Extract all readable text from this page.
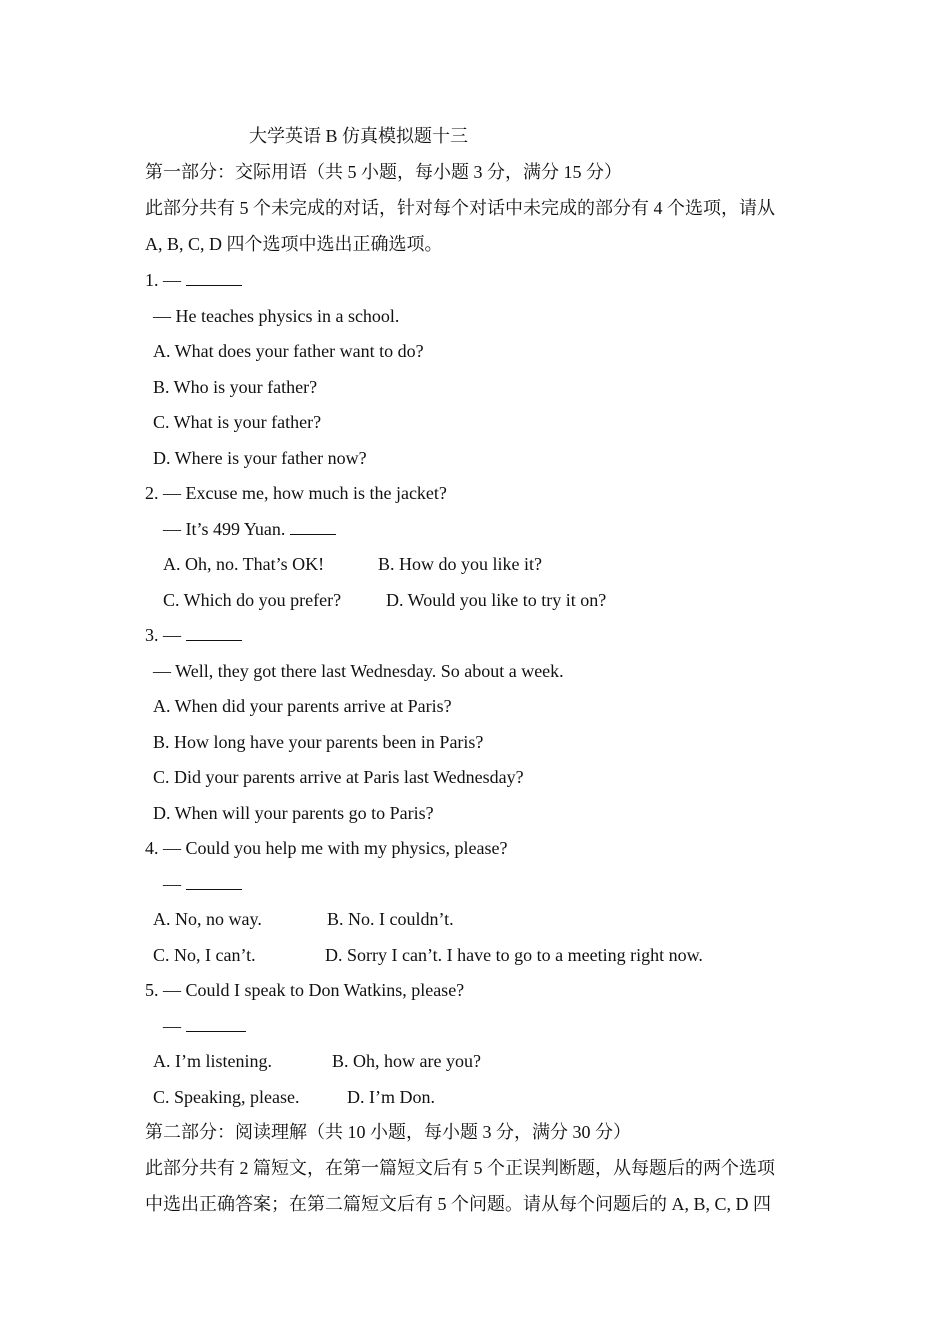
大学英语 B 仿真模拟题十三
第一部分：交际用语（共 5 小题，每小题 3 分，满分 15 分）
此部分共有 5 个未完成的对话，针对每个对话中未完成的部分有 4 个选项，请从
A, B, C, D 四个选项中选出正确选项。
1. —
— He teaches physics in a school.
A. What does your father want to do?
B. Who is your father?
C. What is your father?
D. Where is your father now?
2. — Excuse me, how much is the jacket?
— It’s 499 Yuan.
A. Oh, no. That’s OK!	B. How do you like it?
C. Which do you prefer? D. Would you like to try it on?
3. —
— Well, they got there last Wednesday. So about a week.
A. When did your parents arrive at Paris?
B. How long have your parents been in Paris?
C. Did your parents arrive at Paris last Wednesday?
D. When will your parents go to Paris?
4. — Could you help me with my physics, please?
—
A. No, no way.	B. No. I couldn’t.
C. No, I can’t.	D. Sorry I can’t. I have to go to a meeting right now.
5. — Could I speak to Don Watkins, please?
—
A. I’m listening.	B. Oh, how are you?
C. Speaking, please.	D. I’m Don.
第二部分：阅读理解（共 10 小题，每小题 3 分，满分 30 分）
此部分共有 2 篇短文，在第一篇短文后有 5 个正误判断题，从每题后的两个选项
中选出正确答案；在第二篇短文后有 5 个问题。请从每个问题后的 A, B, C, D 四
